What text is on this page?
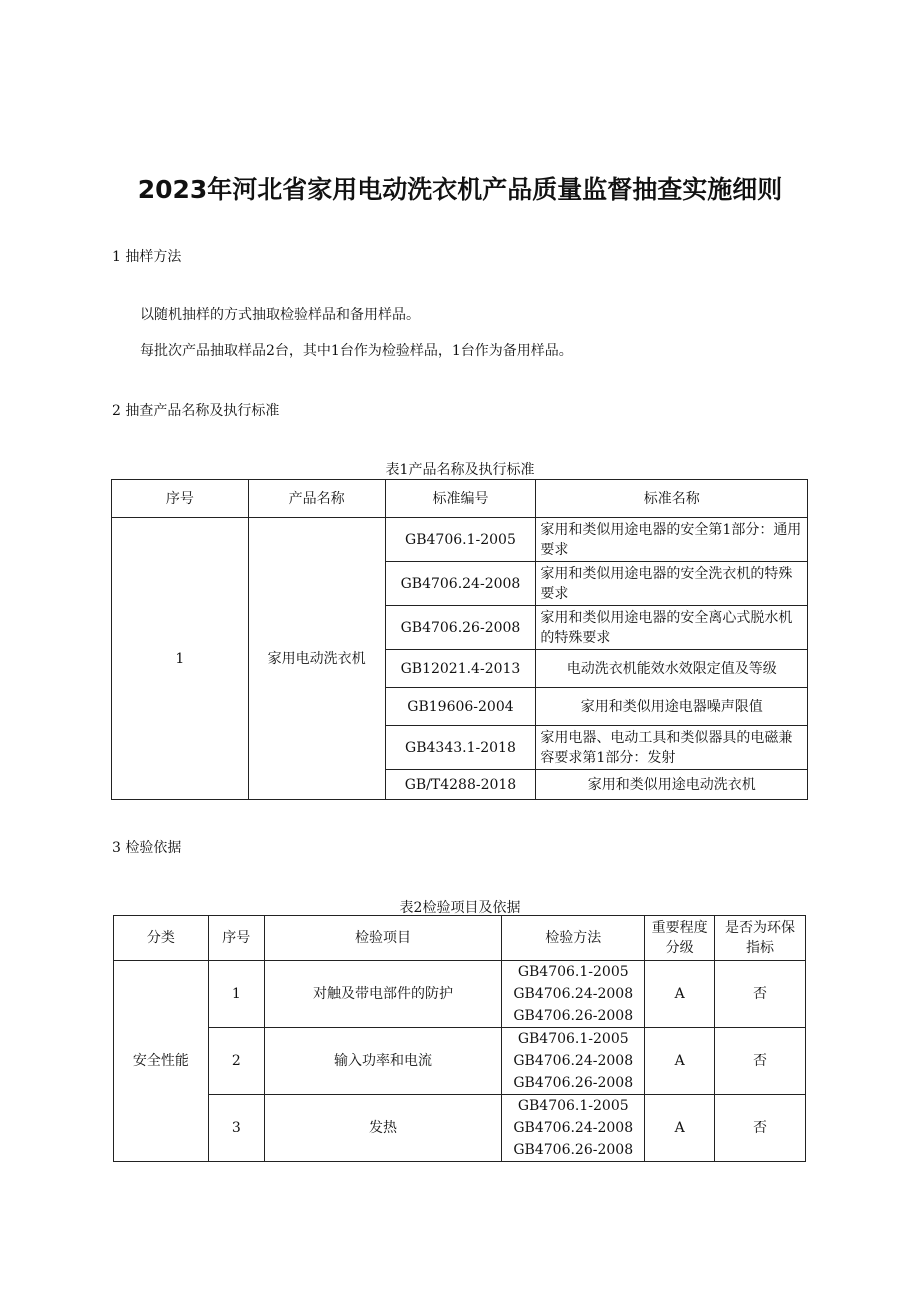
2023年河北省家用电动洗衣机产品质量监督抽查实施细则
1 抽样方法
以随机抽样的方式抽取检验样品和备用样品。
每批次产品抽取样品2台，其中1台作为检验样品，1台作为备用样品。
2 抽查产品名称及执行标准
表1产品名称及执行标准
序号	产品名称	标准编号	标准名称
1	家用电动洗衣机	GB4706.1-2005	家用和类似用途电器的安全第1部分：通用要求
		GB4706.24-2008	家用和类似用途电器的安全洗衣机的特殊要求
		GB4706.26-2008	家用和类似用途电器的安全离心式脱水机的特殊要求
		GB12021.4-2013	电动洗衣机能效水效限定值及等级
		GB19606-2004	家用和类似用途电器噪声限值
		GB4343.1-2018	家用电器、电动工具和类似器具的电磁兼容要求第1部分：发射
		GB/T4288-2018	家用和类似用途电动洗衣机
3 检验依据
表2检验项目及依据
分类	序号	检验项目	检验方法	重要程度分级	是否为环保指标
安全性能	1	对触及带电部件的防护	GB4706.1-2005
GB4706.24-2008
GB4706.26-2008	A	否
	2	输入功率和电流	GB4706.1-2005
GB4706.24-2008
GB4706.26-2008	A	否
	3	发热	GB4706.1-2005
GB4706.24-2008
GB4706.26-2008	A	否
